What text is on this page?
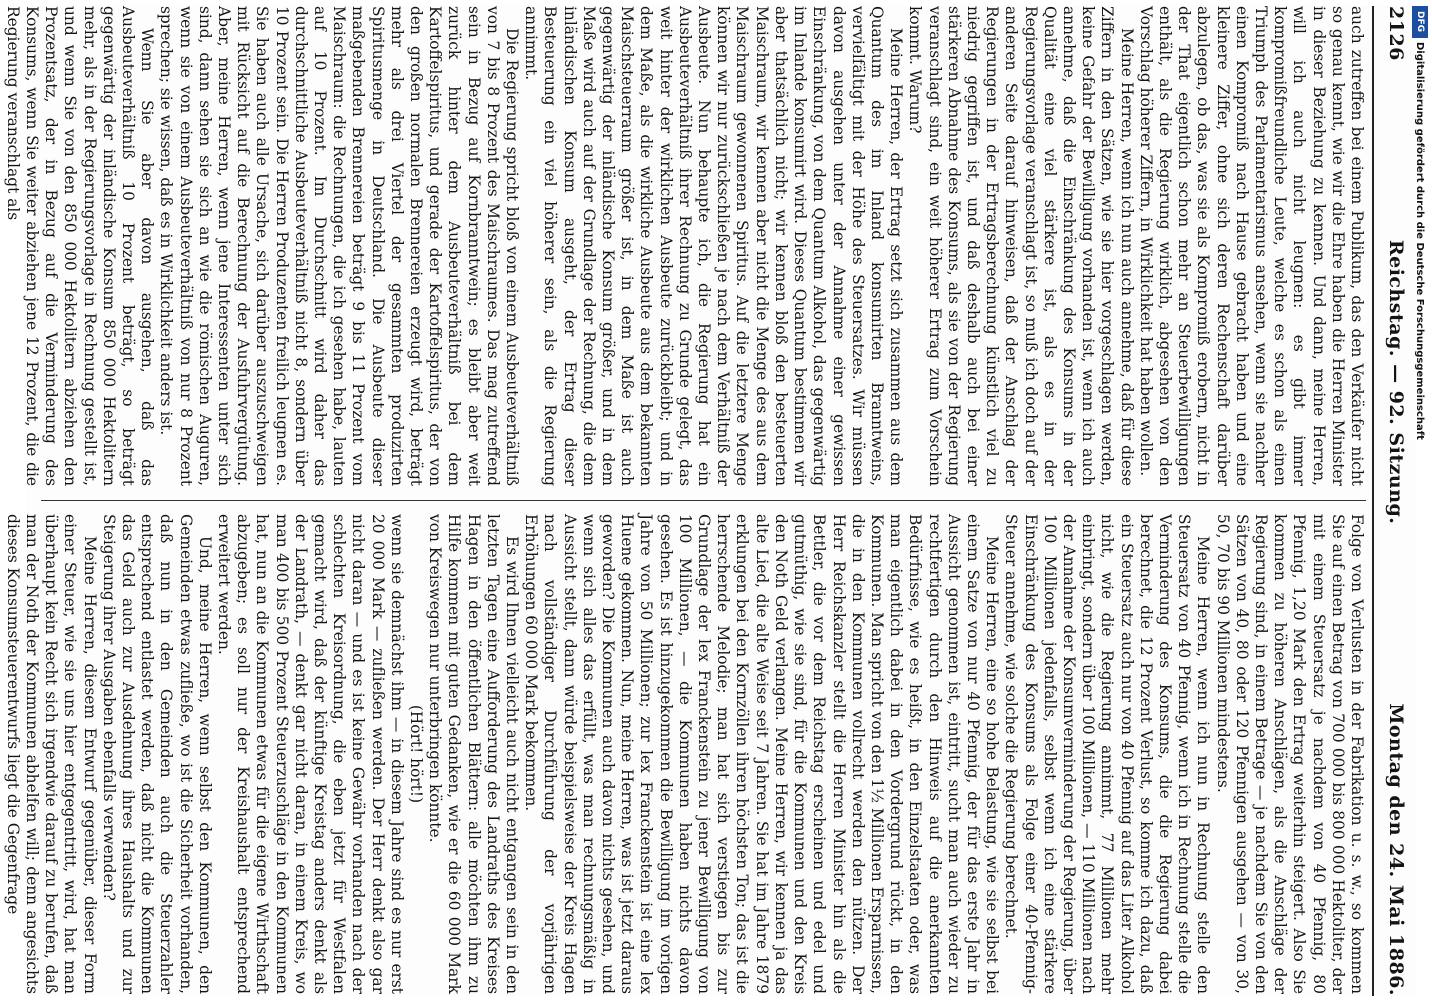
2126
Reichstag. — 92. Sitzung.
Montag den 24. Mai 1886.

auch zutreffen bei einem Publikum, das den Verkäufer nicht so genau kennt, wie wir die Ehre haben die Herren Minister in dieser Beziehung zu kennen. Und dann, meine Herren, will ich auch nicht leugnen: es gibt immer kompromißfreundliche Leute, welche es schon als einen Triumph des Parlamentarismus ansehen, wenn sie nachher einen Kompromiß nach Hause gebracht haben und eine kleinere Ziffer, ohne sich deren Rechenschaft darüber abzulegen, ob das, was sie als Kompromiß erobern, nicht in der That eigentlich schon mehr an Steuerbewilligungen enthält, als die Regierung wirklich, abgesehen von den Vorschlag höherer Ziffern, in Wirklichkeit hat haben wollen.

Meine Herren, wenn ich nun auch annehme, daß für diese Ziffern in den Sätzen, wie sie hier vorgeschlagen werden, keine Gefahr der Bewilligung vorhanden ist, wenn ich auch annehme, daß die Einschränkung des Konsums in der Qualität eine viel stärkere ist, als es in der Regierungsvorlage veranschlagt ist, so muß ich doch auf der anderen Seite darauf hinweisen, daß der Anschlag der Regierungen in der Ertragsberechnung künstlich viel zu niedrig gegriffen ist, und daß deshalb auch bei einer stärkeren Abnahme des Konsums, als sie von der Regierung veranschlagt sind, ein weit höherer Ertrag zum Vorschein kommt. Warum?

Meine Herren, der Ertrag setzt sich zusammen aus dem Quantum des im Inland konsumirten Branntweins, vervielfältigt mit der Höhe des Steuersatzes. Wir müssen davon ausgehen unter der Annahme einer gewissen Einschränkung, von dem Quantum Alkohol, das gegenwärtig im Inlande konsumirt wird. Dieses Quantum bestimmen wir aber thatsächlich nicht; wir kennen bloß den besteuerten Maischraum, wir kennen aber nicht die Menge des aus dem Maischraum gewonnenen Spiritus. Auf die letztere Menge können wir nur zurückschließen je nach dem Verhältniß der Ausbeute. Nun behaupte ich, die Regierung hat ein Ausbeuteverhältniß ihrer Rechnung zu Grunde gelegt, das weit hinter der wirklichen Ausbeute zurückbleibt; und in dem Maße, als die wirkliche Ausbeute aus dem bekannten Maischsteuerraum größer ist, in dem Maße ist auch gegenwärtig der inländische Konsum größer, und in dem Maße wird auch auf der Grundlage der Rechnung, die dem inländischen Konsum ausgeht, der Ertrag dieser Besteuerung ein viel höherer sein, als die Regierung annimmt.

Die Regierung spricht bloß von einem Ausbeuteverhältniß von 7 bis 8 Prozent des Maischraumes. Das mag zutreffend sein in Bezug auf Kornbranntwein; es bleibt aber weit zurück hinter dem Ausbeuteverhältniß bei dem Kartoffelspiritus, und gerade der Kartoffelspiritus, der von den großen normalen Brennereien erzeugt wird, beträgt mehr als drei Viertel der gesammten produzirten Spiritusmenge in Deutschland. Die Ausbeute dieser maßgebenden Brennereien beträgt 9 bis 11 Prozent vom Maischraum: die Rechnungen, die ich gesehen habe, lauten auf 10 Prozent. Im Durchschnitt wird daher das durchschnittliche Ausbeuteverhältniß nicht 8, sondern über 10 Prozent sein. Die Herren Produzenten freilich leugnen es. Sie haben auch alle Ursache, sich darüber auszuschweigen mit Rücksicht auf die Berechnung der Ausfuhrvergütung. Aber, meine Herren, wenn jene Interessenten unter sich sind, dann sehen sie sich an wie die römischen Auguren, wenn sie von einem Ausbeuteverhältniß von nur 8 Prozent sprechen; sie wissen, daß es in Wirklichkeit anders ist.

Wenn Sie aber davon ausgehen, daß das Ausbeuteverhältniß 10 Prozent beträgt, so beträgt gegenwärtig der inländische Konsum 850 000 Hektolitern mehr, als in der Regierungsvorlage in Rechnung gestellt ist, und wenn Sie von den 850 000 Hektolitern abziehen den Prozentsatz, der in Bezug auf die Verminderung des Konsums, wenn Sie weiter abziehen jene 12 Prozent, die die Regierung veranschlagt als

Folge von Verlusten in der Fabrikation u. s. w., so kommen Sie auf einen Betrag von 700 000 bis 800 000 Hektoliter, der mit einem Steuersatz je nachdem von 40 Pfennig, 80 Pfennig, 1,20 Mark den Ertrag weiterhin steigert. Also Sie kommen zu höheren Anschlägen, als die Anschläge der Regierung sind, in einem Betrage — je nachdem Sie von den Sätzen von 40, 80 oder 120 Pfennigen ausgehen — von 30, 50, 70 bis 90 Millionen mindestens.

Meine Herren, wenn ich nun in Rechnung stelle den Steuersatz von 40 Pfennig, wenn ich in Rechnung stelle die Verminderung des Konsums, die die Regierung dabei berechnet, die 12 Prozent Verlust, so komme ich dazu, daß ein Steuersatz auch nur von 40 Pfennig auf das Liter Alkohol nicht, wie die Regierung annimmt, 77 Millionen mehr einbringt, sondern über 100 Millionen, — 110 Millionen nach der Annahme der Konsumverminderung der Regierung, über 100 Millionen jedenfalls, selbst wenn ich eine stärkere Einschränkung des Konsums als Folge einer 40-Pfennig-Steuer annehme, wie solche die Regierung berechnet.

Meine Herren, eine so hohe Belastung, wie sie selbst bei einem Satze von nur 40 Pfennig, der für das erste Jahr in Aussicht genommen ist, eintritt, sucht man auch wieder zu rechtfertigen durch den Hinweis auf die anerkannten Bedürfnisse, wie es heißt, in den Einzelstaaten oder, was man eigentlich dabei in den Vordergrund rückt, in den Kommunen. Man spricht von den 1½ Millionen Ersparnissen, die in den Kommunen vollrecht werden den nützen. Der Herr Reichskanzler stellt die Herren Minister hin als die Bettler, die vor dem Reichstag erscheinen und edel und gutmüthig, wie sie sind, für die Kommunen und den Kreis den Noth Geld verlangen. Meine Herren, wir kennen ja das alte Lied, die alte Weise seit 7 Jahren. Sie hat im Jahre 1879 erklungen bei den Kornzöllen ihren höchsten Ton; das ist die herrschende Melodie; man hat sich verstiegen bis zur Grundlage der lex Franckenstein zu jener Bewilligung von 100 Millionen, — die Kommunen haben nichts davon gesehen. Es ist hinzugekommen die Bewilligung im vorigen Jahre von 50 Millionen; zur lex Franckenstein ist eine lex Huene gekommen. Nun, meine Herren, was ist jetzt daraus geworden? Die Kommunen auch davon nichts gesehen, und wenn sich alles das erfüllt, was man rechnungsmäßig in Aussicht stellt, dann würde beispielsweise der Kreis Hagen nach vollständiger Durchführung der vorjährigen Erhöhungen 60 000 Mark bekommen.

Es wird Ihnen vielleicht auch nicht entgangen sein in den letzten Tagen eine Aufforderung des Landraths des Kreises Hagen in den öffentlichen Blättern: alle möchten ihm zu Hilfe kommen mit guten Gedanken, wie er die 60 000 Mark von Kreiswegen nur unterbringen könnte.

(Hört! hört!)

wenn sie demnächst ihm — in diesem Jahre sind es nur erst 20 000 Mark — zufließen werden. Der Herr denkt also gar nicht daran — und es ist keine Gewähr vorhanden nach der schlechten Kreisordnung, die eben jetzt für Westfalen gemacht wird, daß der künftige Kreistag anders denkt als der Landrath, — denkt gar nicht daran, in einem Kreis, wo man 400 bis 500 Prozent Steuerzuschläge in den Kommunen hat, nun an die Kommunen etwas für die eigene Wirthschaft abzugeben; es soll nur der Kreishaushalt entsprechend erweitert werden.

Und, meine Herren, wenn selbst den Kommunen, den Gemeinden etwas zufließe, wo ist die Sicherheit vorhanden, daß nun in den Gemeinden auch die Steuerzahler entsprechend entlastet werden, daß nicht die Kommunen das Geld auch zur Ausdehnung ihres Haushalts und zur Steigerung ihrer Ausgaben ebenfalls verwenden?

Meine Herren, diesem Entwurf gegenüber, dieser Form einer Steuer, wie sie uns hier entgegentritt, wird, hat man überhaupt kein Recht sich irgendwie darauf zu berufen, daß man der Noth der Kommunen abhelfen will; denn angesichts dieses Konsumsteuerentwurfs liegt die Gegenfrage

DFG
Digitalisierung gefördert durch die Deutsche Forschungsgemeinschaft
